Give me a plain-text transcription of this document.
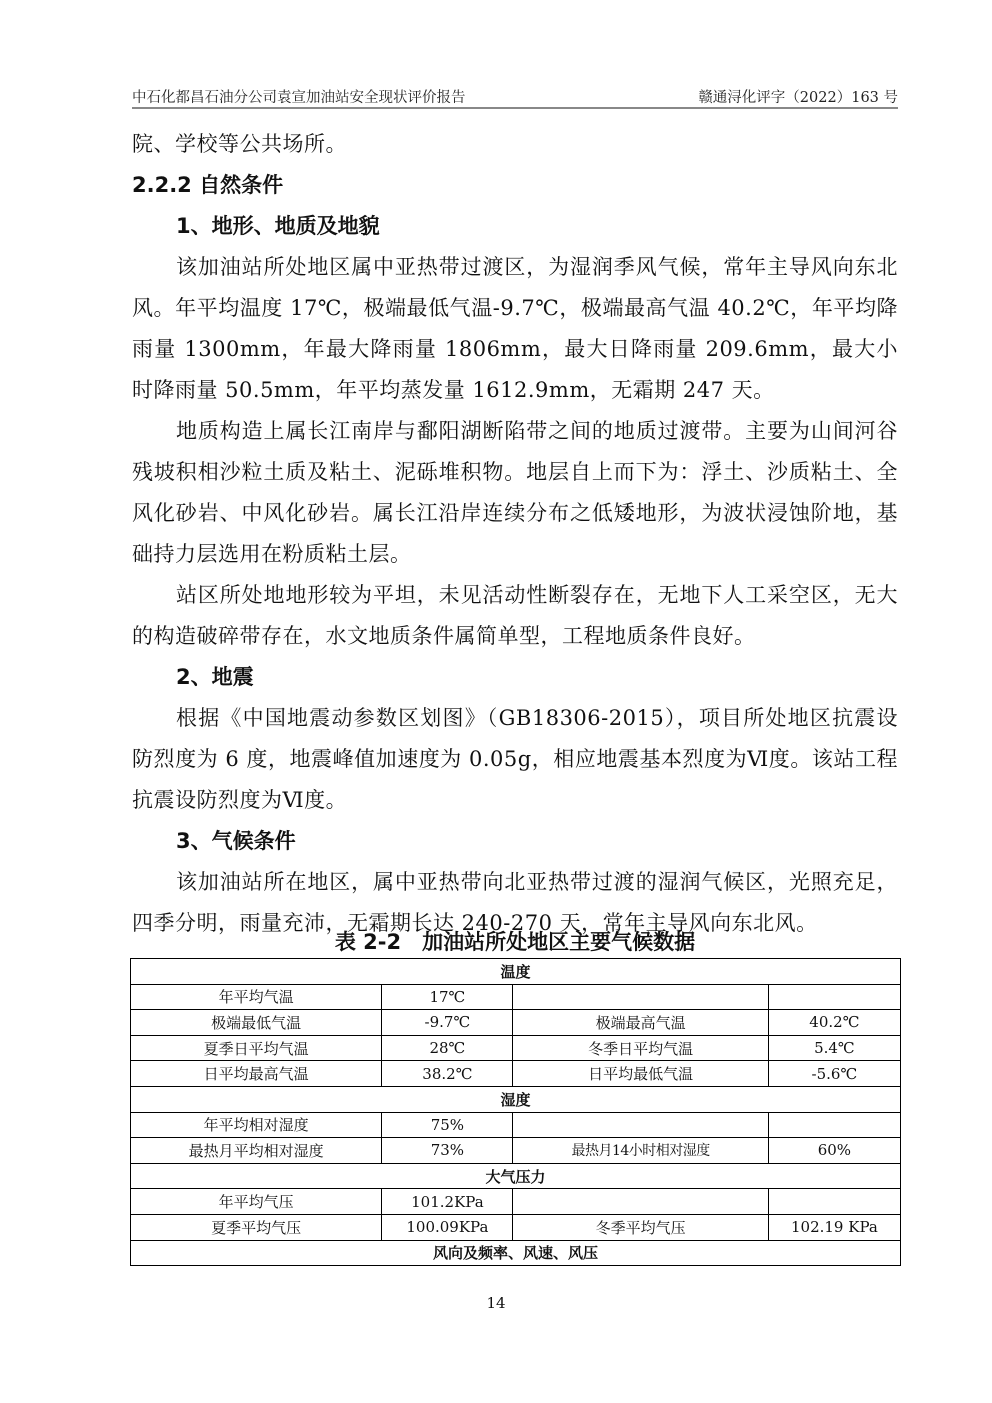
中石化都昌石油分公司袁宣加油站安全现状评价报告	赣通浔化评字（2022）163 号

院、学校等公共场所。

2.2.2 自然条件

1、地形、地质及地貌

该加油站所处地区属中亚热带过渡区，为湿润季风气候，常年主导风向东北风。年平均温度 17℃，极端最低气温-9.7℃，极端最高气温 40.2℃，年平均降雨量 1300mm，年最大降雨量 1806mm，最大日降雨量 209.6mm，最大小时降雨量 50.5mm，年平均蒸发量 1612.9mm，无霜期 247 天。

地质构造上属长江南岸与鄱阳湖断陷带之间的地质过渡带。主要为山间河谷残坡积相沙粒土质及粘土、泥砾堆积物。地层自上而下为：浮土、沙质粘土、全风化砂岩、中风化砂岩。属长江沿岸连续分布之低矮地形，为波状浸蚀阶地，基础持力层选用在粉质粘土层。

站区所处地地形较为平坦，未见活动性断裂存在，无地下人工采空区，无大的构造破碎带存在，水文地质条件属简单型，工程地质条件良好。

2、地震

根据《中国地震动参数区划图》（GB18306-2015），项目所处地区抗震设防烈度为 6 度，地震峰值加速度为 0.05g，相应地震基本烈度为Ⅵ度。该站工程抗震设防烈度为Ⅵ度。

3、气候条件

该加油站所在地区，属中亚热带向北亚热带过渡的湿润气候区，光照充足，四季分明，雨量充沛，无霜期长达 240-270 天，常年主导风向东北风。

表 2-2　加油站所处地区主要气候数据
温度			
年平均气温	17℃		
极端最低气温	-9.7℃	极端最高气温	40.2℃
夏季日平均气温	28℃	冬季日平均气温	5.4℃
日平均最高气温	38.2℃	日平均最低气温	-5.6℃
湿度			
年平均相对湿度	75%		
最热月平均相对湿度	73%	最热月14小时相对湿度	60%
大气压力			
年平均气压	101.2KPa		
夏季平均气压	100.09KPa	冬季平均气压	102.19 KPa
风向及频率、风速、风压			
14
